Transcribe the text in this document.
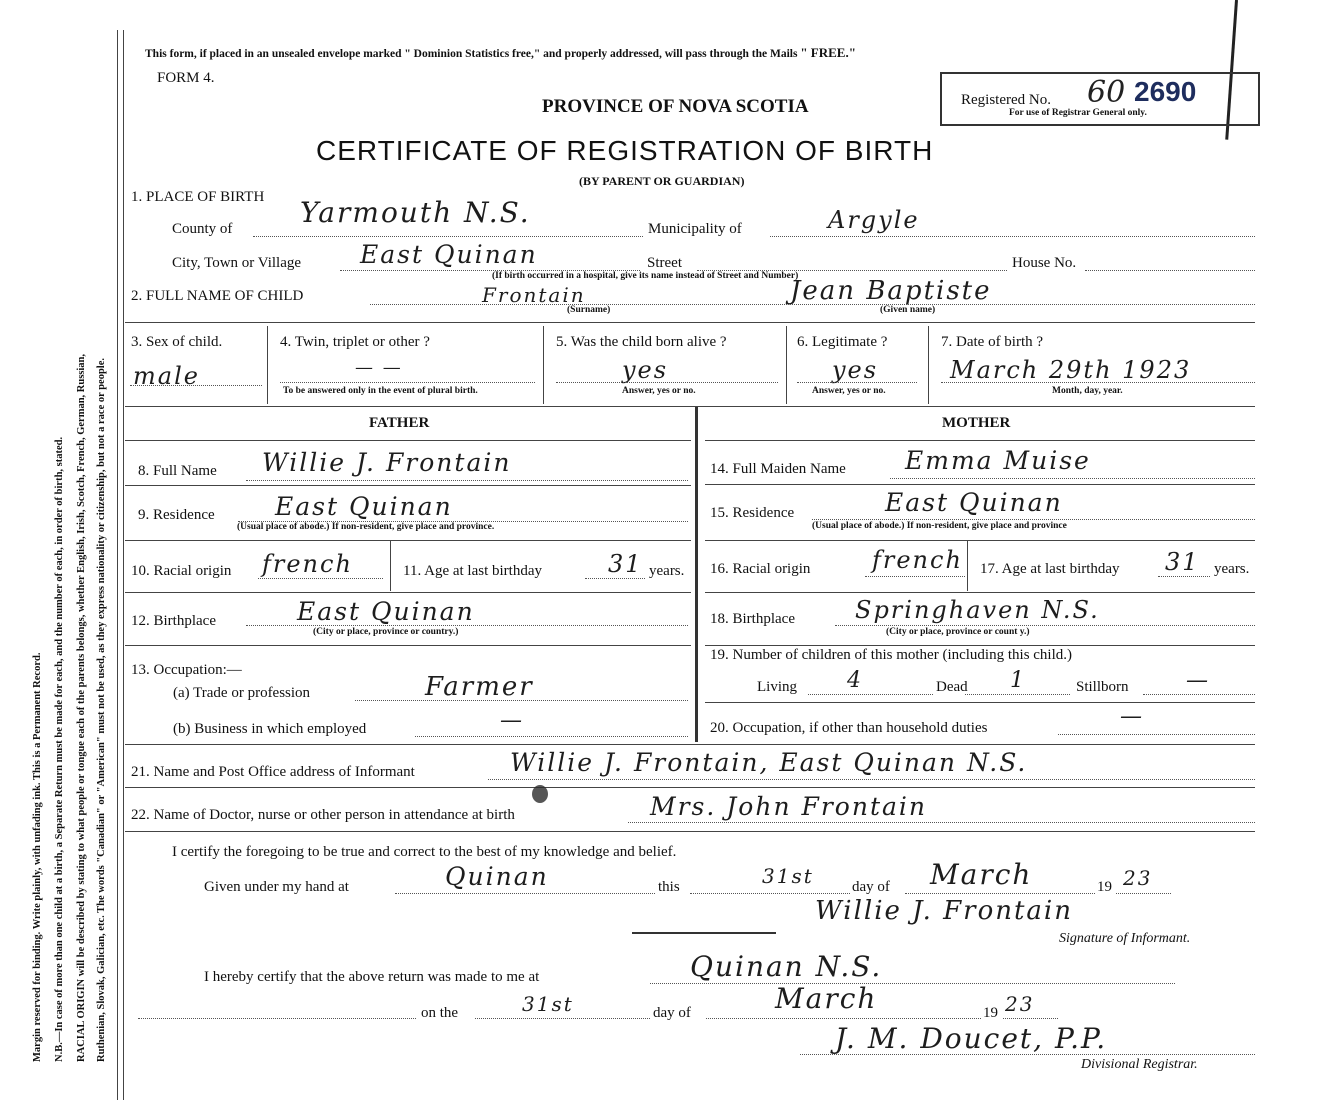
Margin reserved for binding. Write plainly, with unfading ink. This is a Permanent Record. N.B.—In case of more than one child at a birth, a Separate Return must be made for each, and the number of each, in order of birth, stated. RACIAL ORIGIN will be described by stating to what people or tongue each of the parents belongs, whether English, Irish, Scotch, French, German, Russian, Ruthenian, Slovak, Galician, etc. The words "Canadian" or "American" must not be used, as they express nationality or citizenship, but not a race or people.
This form, if placed in an unsealed envelope marked " Dominion Statistics free," and properly addressed, will pass through the Mails " FREE."
FORM 4.
PROVINCE OF NOVA SCOTIA
CERTIFICATE OF REGISTRATION OF BIRTH
(BY PARENT OR GUARDIAN)
Registered No. 60 2690
For use of Registrar General only.
1. PLACE OF BIRTH
County of Yarmouth N.S.	Municipality of	Argyle
City, Town or Village East Quinan	Street	House No.
(If birth occurred in a hospital, give its name instead of Street and Number)
2. FULL NAME OF CHILD	Frontain	Jean Baptiste
(Surname)	(Given name)
3. Sex of child.
male
4. Twin, triplet or other ?
— —
To be answered only in the event of plural birth.
5. Was the child born alive ?
yes
Answer, yes or no.
6. Legitimate ?
yes
Answer, yes or no.
7. Date of birth ?
March 29th 1923
Month, day, year.
FATHER	MOTHER
8. Full Name Willie J. Frontain
9. Residence East Quinan
(Usual place of abode.) If non-resident, give place and province.
10. Racial origin french	11. Age at last birthday	31 years.
12. Birthplace	East Quinan
(City or place, province or country.)
13. Occupation:—
(a) Trade or profession	Farmer
(b) Business in which employed	—
14. Full Maiden Name Emma Muise
15. Residence	East Quinan
(Usual place of abode.) If non-resident, give place and province
16. Racial origin	french 17. Age at last birthday 31 years.
18. Birthplace	Springhaven N.S.
(City or place, province or count y.)
19. Number of children of this mother (including this child.)
Living 4	Dead 1	Stillborn	—
20. Occupation, if other than household duties	—
21. Name and Post Office address of Informant	Willie J. Frontain, East Quinan N.S.
22. Name of Doctor, nurse or other person in attendance at birth	Mrs. John Frontain
I certify the foregoing to be true and correct to the best of my knowledge and belief.
Given under my hand at	Quinan	this	31st	day of March	19 23
Willie J. Frontain
Signature of Informant.
I hereby certify that the above return was made to me at	Quinan N.S.
on the	31st	day of	March	19 23
J. M. Doucet, P.P.
Divisional Registrar.
